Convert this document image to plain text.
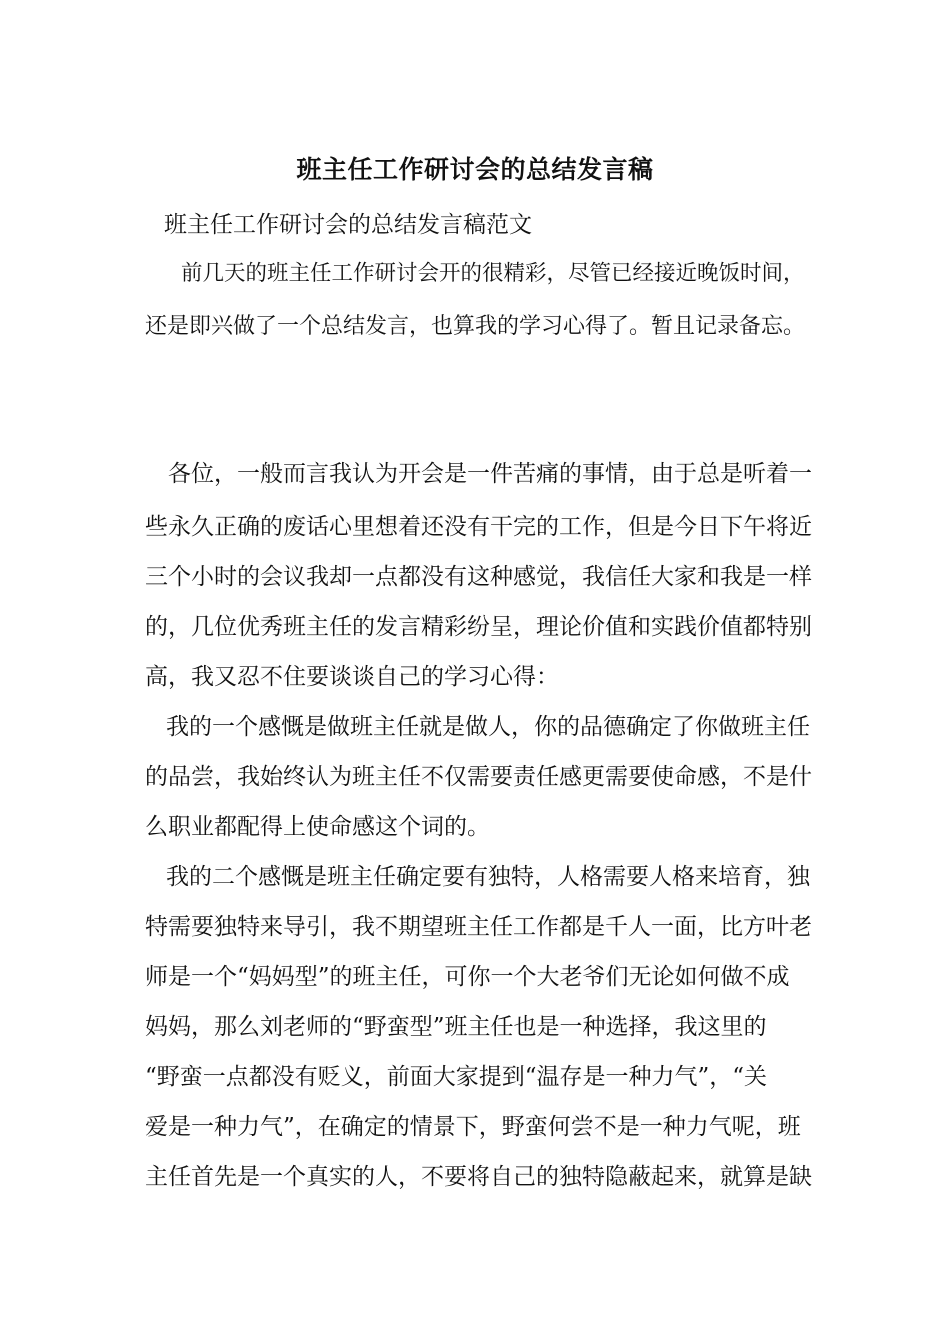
班主任工作研讨会的总结发言稿

班主任工作研讨会的总结发言稿范文

前几天的班主任工作研讨会开的很精彩，尽管已经接近晚饭时间，

还是即兴做了一个总结发言，也算我的学习心得了。暂且记录备忘。

各位，一般而言我认为开会是一件苦痛的事情，由于总是听着一

些永久正确的废话心里想着还没有干完的工作，但是今日下午将近

三个小时的会议我却一点都没有这种感觉，我信任大家和我是一样

的，几位优秀班主任的发言精彩纷呈，理论价值和实践价值都特别

高，我又忍不住要谈谈自己的学习心得：

我的一个感慨是做班主任就是做人，你的品德确定了你做班主任

的品尝，我始终认为班主任不仅需要责任感更需要使命感，不是什

么职业都配得上使命感这个词的。

我的二个感慨是班主任确定要有独特，人格需要人格来培育，独

特需要独特来导引，我不期望班主任工作都是千人一面，比方叶老

师是一个“妈妈型”的班主任，可你一个大老爷们无论如何做不成

妈妈，那么刘老师的“野蛮型”班主任也是一种选择，我这里的

“野蛮一点都没有贬义，前面大家提到“温存是一种力气”，“关

爱是一种力气”，在确定的情景下，野蛮何尝不是一种力气呢，班

主任首先是一个真实的人，不要将自己的独特隐蔽起来，就算是缺
